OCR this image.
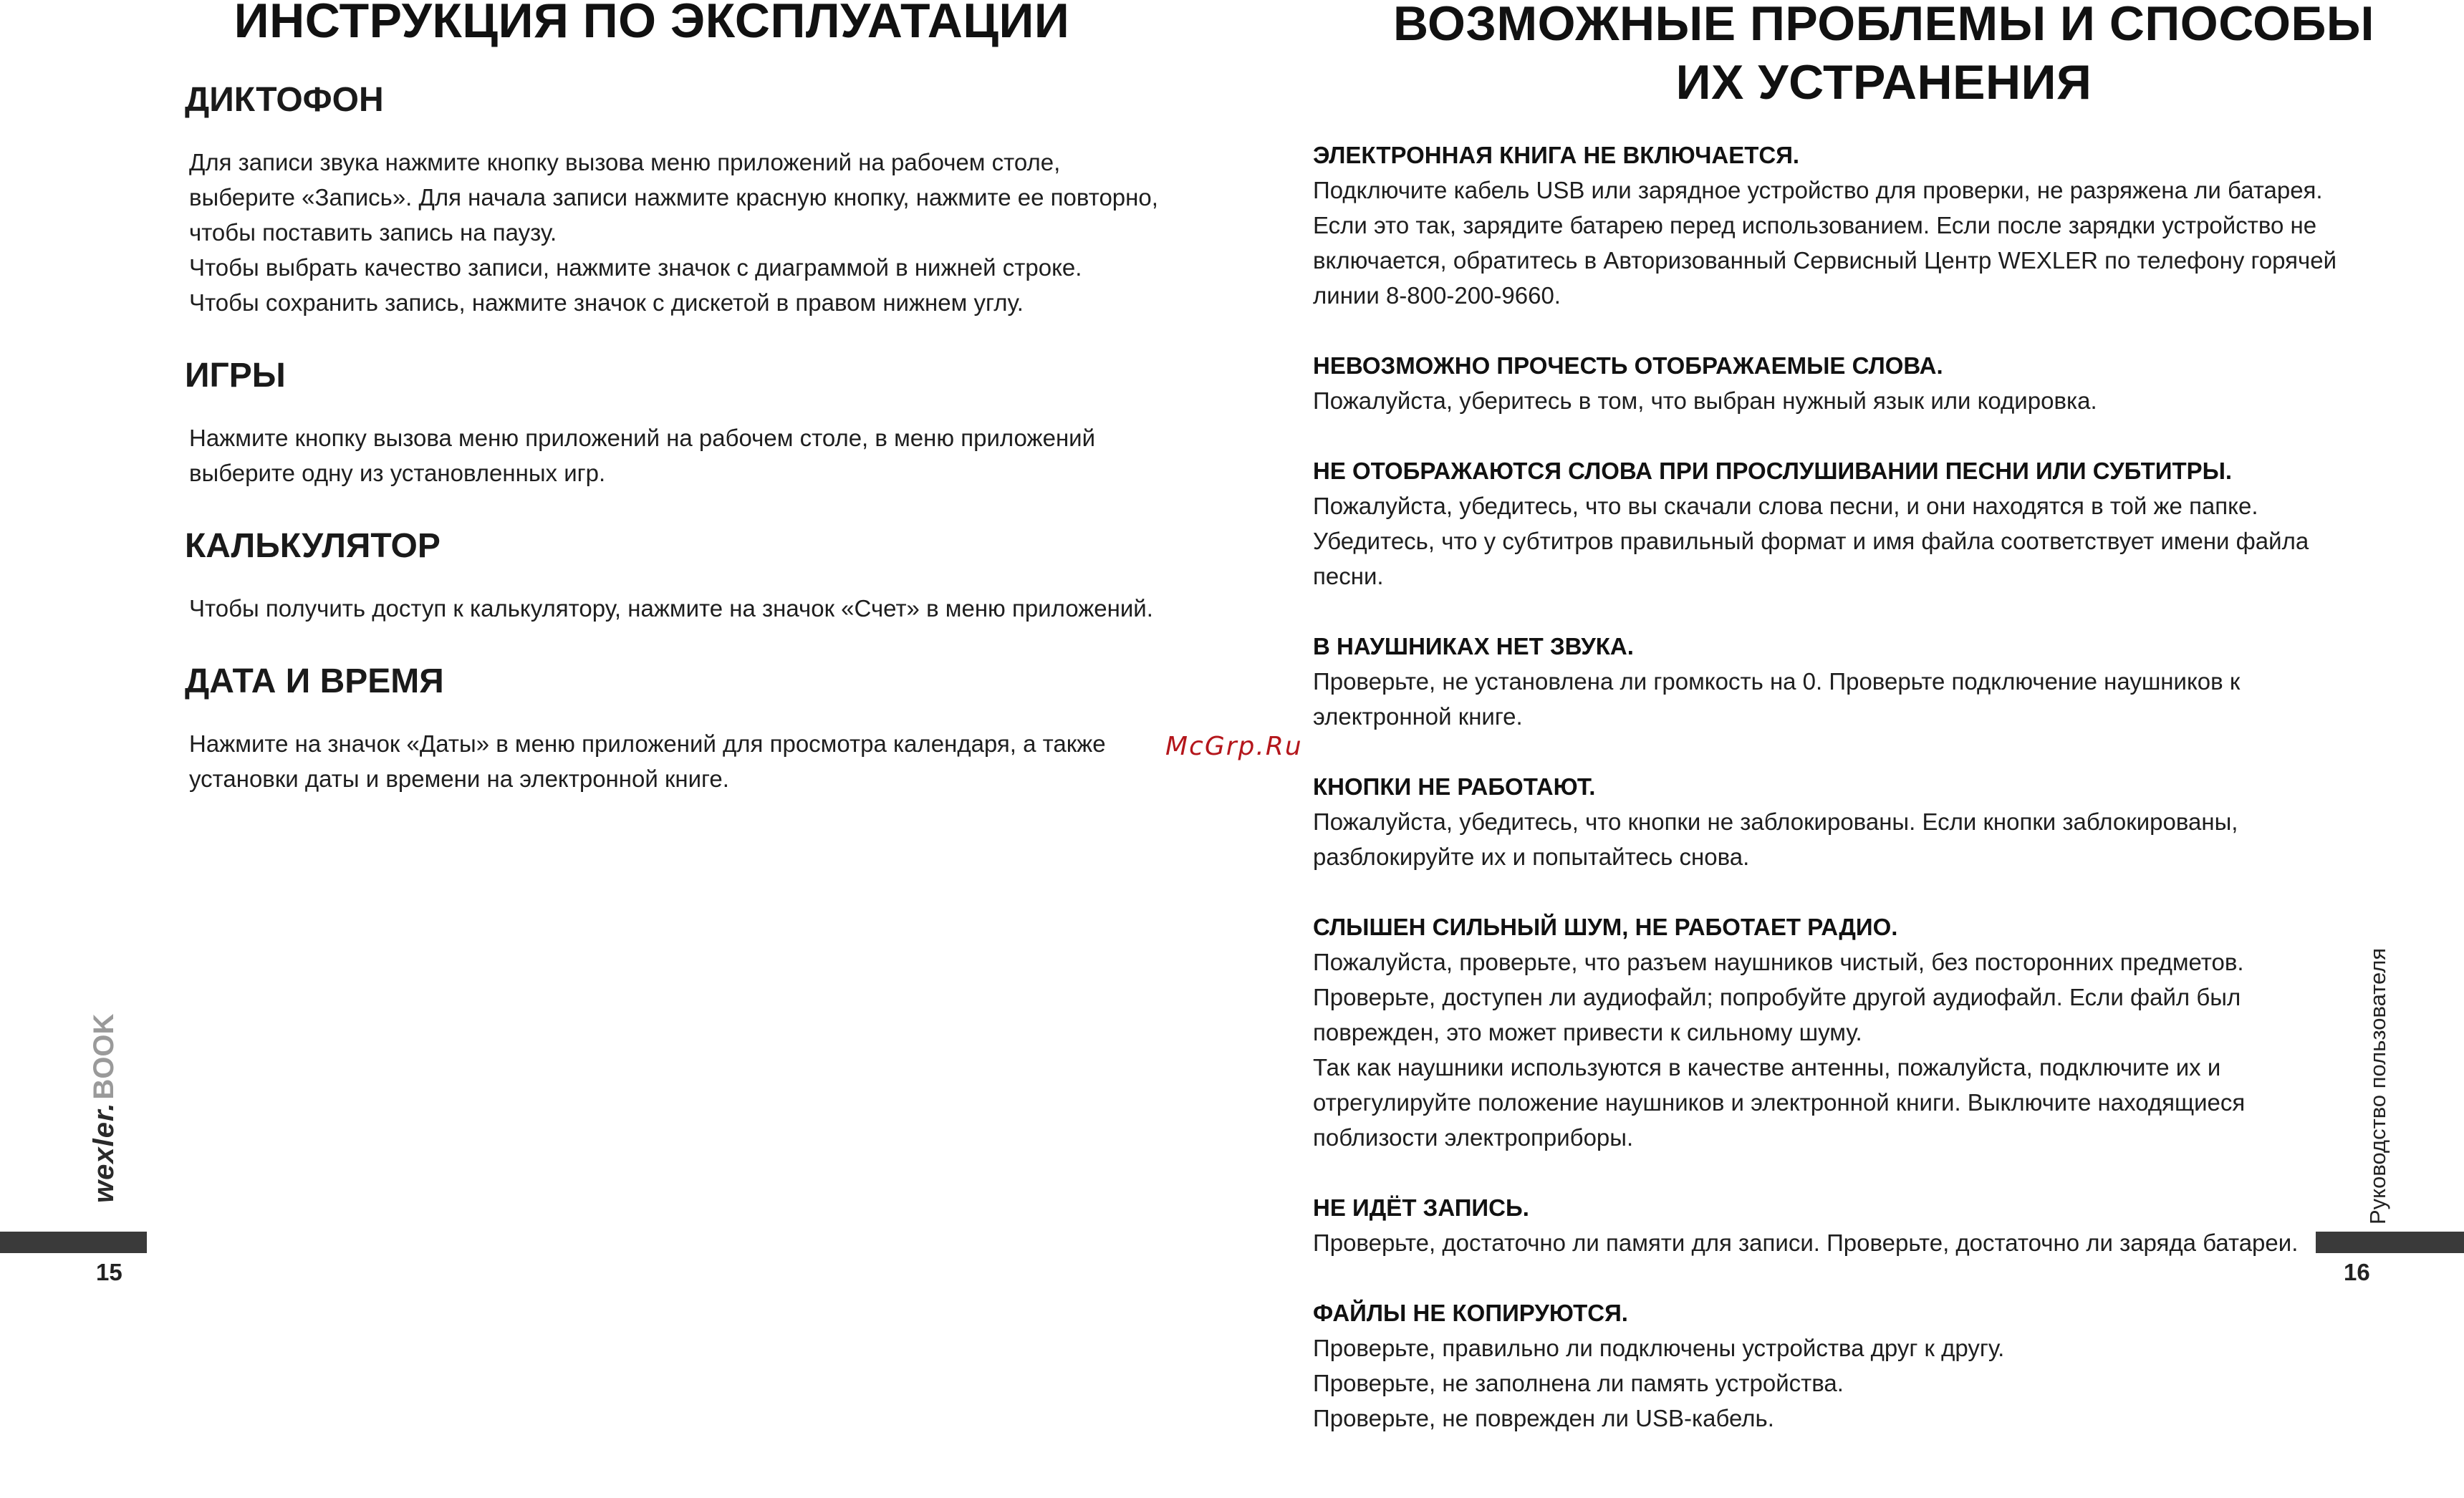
ИНСТРУКЦИЯ ПО ЭКСПЛУАТАЦИИ
ДИКТОФОН

Для записи звука нажмите кнопку вызова меню приложений на рабочем столе, выберите «Запись». Для начала записи нажмите красную кнопку, нажмите ее повторно, чтобы поставить запись на паузу.

Чтобы выбрать качество записи, нажмите значок с диаграммой в нижней строке.

Чтобы сохранить запись, нажмите значок с дискетой в правом нижнем углу.

ИГРЫ

Нажмите кнопку вызова меню приложений на рабочем столе, в меню приложений выберите одну из установленных игр.

КАЛЬКУЛЯТОР

Чтобы получить доступ к калькулятору, нажмите на значок «Счет» в меню приложений.

ДАТА И ВРЕМЯ

Нажмите на значок «Даты» в меню приложений для просмотра календаря, а также установки даты и времени на электронной книге.

wexler.BOOK
15
ВОЗМОЖНЫЕ ПРОБЛЕМЫ И СПОСОБЫ
ИХ УСТРАНЕНИЯ

ЭЛЕКТРОННАЯ КНИГА НЕ ВКЛЮЧАЕТСЯ.

Подключите кабель USB или зарядное устройство для проверки, не разряжена ли батарея. Если это так, зарядите батарею перед использованием. Если после зарядки устройство не включается, обратитесь в Авторизованный Сервисный Центр WEXLER по телефону горячей линии 8-800-200-9660.

НЕВОЗМОЖНО ПРОЧЕСТЬ ОТОБРАЖАЕМЫЕ СЛОВА.

Пожалуйста, уберитесь в том, что выбран нужный язык или кодировка.

НЕ ОТОБРАЖАЮТСЯ СЛОВА ПРИ ПРОСЛУШИВАНИИ ПЕСНИ ИЛИ СУБТИТРЫ.

Пожалуйста, убедитесь, что вы скачали слова песни, и они находятся в той же папке. Убедитесь, что у субтитров правильный формат и имя файла соответствует имени файла песни.

В НАУШНИКАХ НЕТ ЗВУКА.

Проверьте, не установлена ли громкость на 0. Проверьте подключение наушников к электронной книге.

КНОПКИ НЕ РАБОТАЮТ.

Пожалуйста, убедитесь, что кнопки не заблокированы. Если кнопки заблокированы, разблокируйте их и попытайтесь снова.

СЛЫШЕН СИЛЬНЫЙ ШУМ, НЕ РАБОТАЕТ РАДИО.

Пожалуйста, проверьте, что разъем наушников чистый, без посторонних предметов.

Проверьте, доступен ли аудиофайл; попробуйте другой аудиофайл. Если файл был поврежден, это может привести к сильному шуму.

Так как наушники используются в качестве антенны, пожалуйста, подключите их и отрегулируйте положение наушников и электронной книги. Выключите находящиеся поблизости электроприборы.

НЕ ИДЁТ ЗАПИСЬ.

Проверьте, достаточно ли памяти для записи. Проверьте, достаточно ли заряда батареи.

ФАЙЛЫ НЕ КОПИРУЮТСЯ.

Проверьте, правильно ли подключены устройства друг к другу.

Проверьте, не заполнена ли память устройства.

Проверьте, не поврежден ли USB-кабель.

Руководство пользователя
16
McGrp.Ru
